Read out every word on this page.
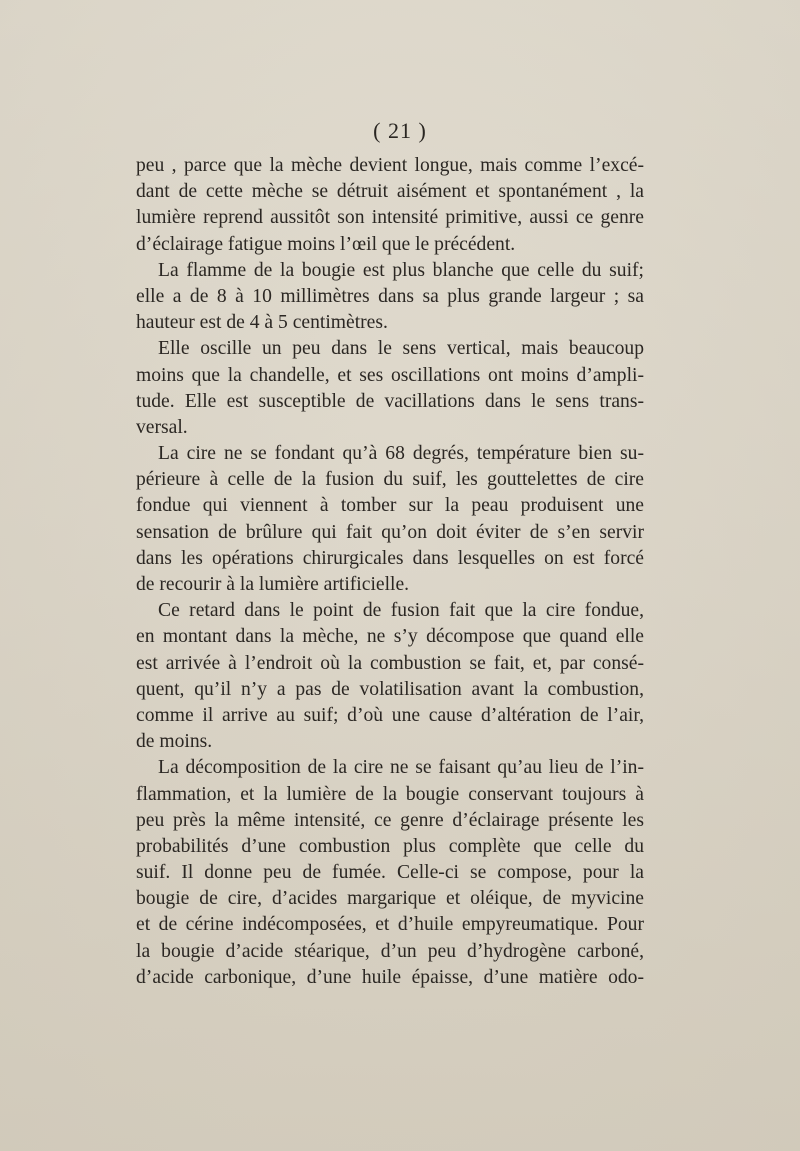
( 21 )
peu , parce que la mèche devient longue, mais comme l’excé-
dant de cette mèche se détruit aisément et spontanément , la
lumière reprend aussitôt son intensité primitive, aussi ce genre
d’éclairage fatigue moins l’œil que le précédent.
La flamme de la bougie est plus blanche que celle du suif;
elle a de 8 à 10 millimètres dans sa plus grande largeur ; sa
hauteur est de 4 à 5 centimètres.
Elle oscille un peu dans le sens vertical, mais beaucoup
moins que la chandelle, et ses oscillations ont moins d’ampli-
tude. Elle est susceptible de vacillations dans le sens trans-
versal.
La cire ne se fondant qu’à 68 degrés, température bien su-
périeure à celle de la fusion du suif, les gouttelettes de cire
fondue qui viennent à tomber sur la peau produisent une
sensation de brûlure qui fait qu’on doit éviter de s’en servir
dans les opérations chirurgicales dans lesquelles on est forcé
de recourir à la lumière artificielle.
Ce retard dans le point de fusion fait que la cire fondue,
en montant dans la mèche, ne s’y décompose que quand elle
est arrivée à l’endroit où la combustion se fait, et, par consé-
quent, qu’il n’y a pas de volatilisation avant la combustion,
comme il arrive au suif; d’où une cause d’altération de l’air,
de moins.
La décomposition de la cire ne se faisant qu’au lieu de l’in-
flammation, et la lumière de la bougie conservant toujours à
peu près la même intensité, ce genre d’éclairage présente les
probabilités d’une combustion plus complète que celle du
suif. Il donne peu de fumée. Celle-ci se compose, pour la
bougie de cire, d’acides margarique et oléique, de myvicine
et de cérine indécomposées, et d’huile empyreumatique. Pour
la bougie d’acide stéarique, d’un peu d’hydrogène carboné,
d’acide carbonique, d’une huile épaisse, d’une matière odo-
